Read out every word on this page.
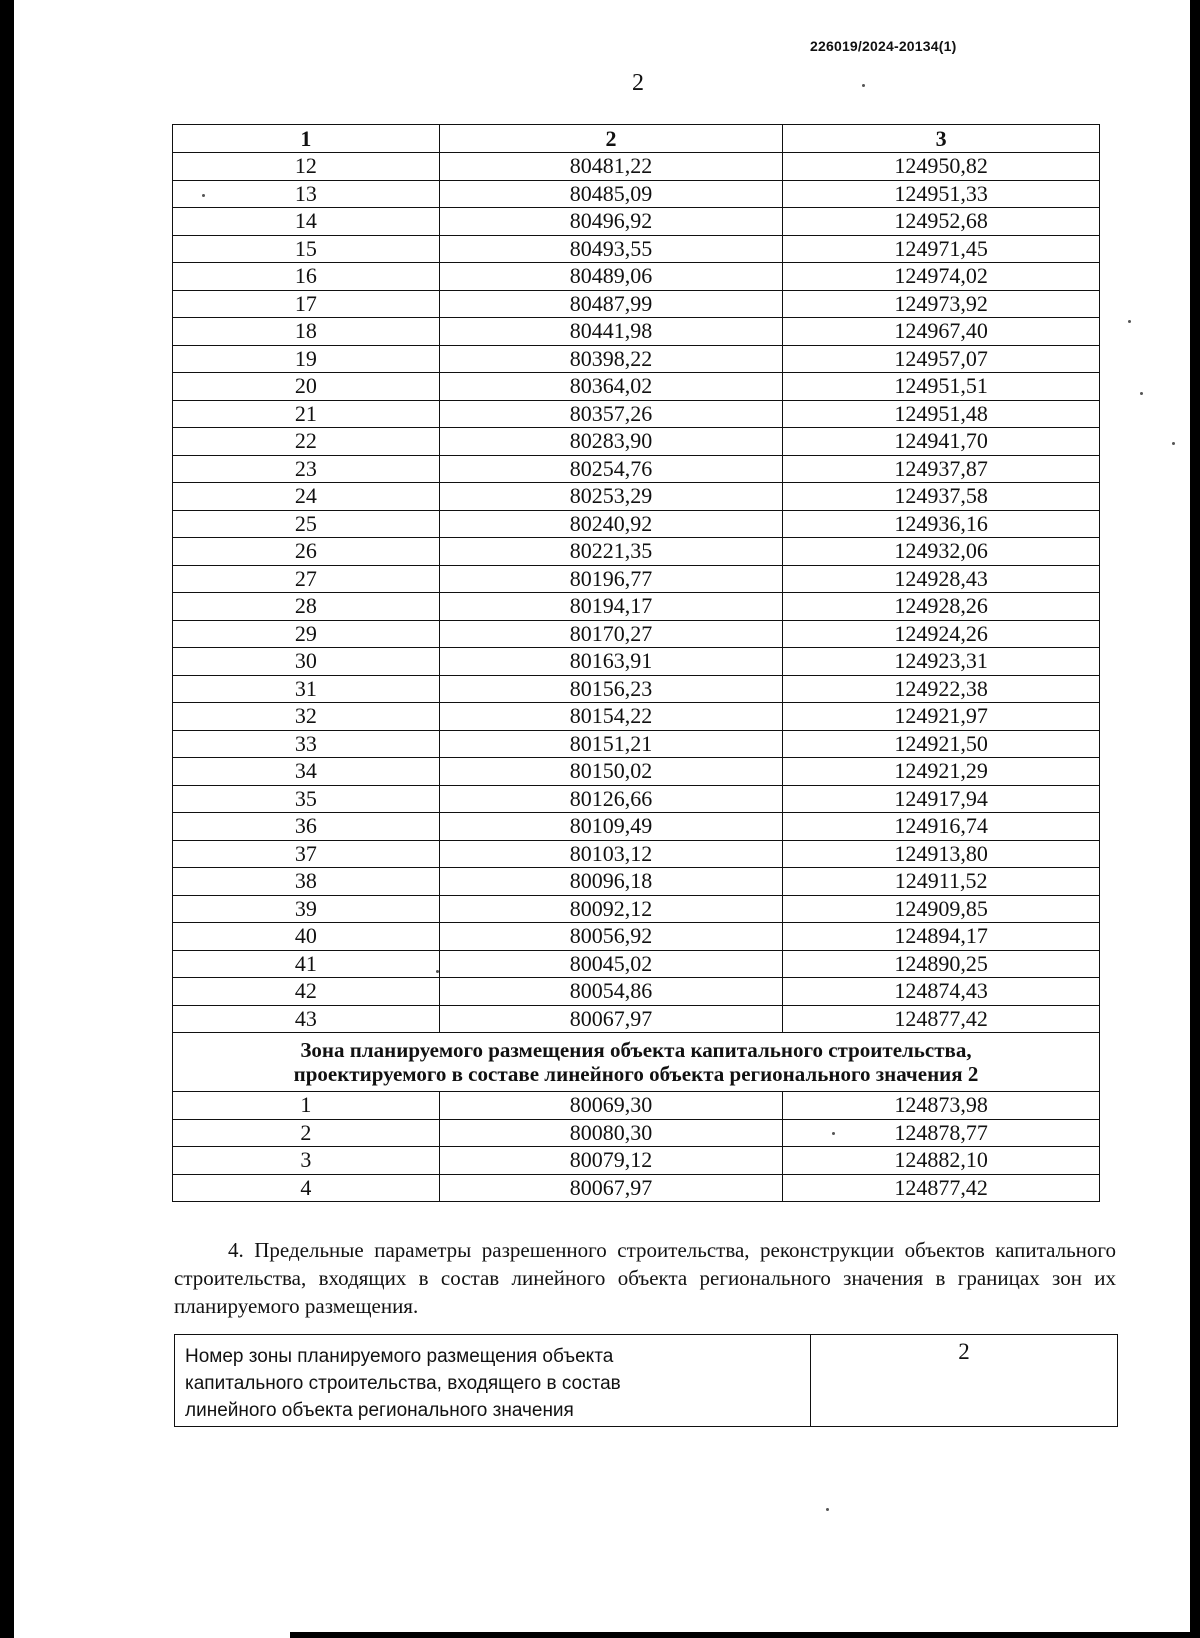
226019/2024-20134(1)
2
1	2	3
12	80481,22	124950,82
13	80485,09	124951,33
14	80496,92	124952,68
15	80493,55	124971,45
16	80489,06	124974,02
17	80487,99	124973,92
18	80441,98	124967,40
19	80398,22	124957,07
20	80364,02	124951,51
21	80357,26	124951,48
22	80283,90	124941,70
23	80254,76	124937,87
24	80253,29	124937,58
25	80240,92	124936,16
26	80221,35	124932,06
27	80196,77	124928,43
28	80194,17	124928,26
29	80170,27	124924,26
30	80163,91	124923,31
31	80156,23	124922,38
32	80154,22	124921,97
33	80151,21	124921,50
34	80150,02	124921,29
35	80126,66	124917,94
36	80109,49	124916,74
37	80103,12	124913,80
38	80096,18	124911,52
39	80092,12	124909,85
40	80056,92	124894,17
41	80045,02	124890,25
42	80054,86	124874,43
43	80067,97	124877,42

Зона планируемого размещения объекта капитального строительства,
проектируемого в составе линейного объекта регионального значения 2		

1	80069,30	124873,98
2	80080,30	124878,77
3	80079,12	124882,10
4	80067,97	124877,42

4. Предельные параметры разрешенного строительства, реконструкции объектов капитального строительства, входящих в состав линейного объекта регионального значения в границах зон их планируемого размещения.

Номер зоны планируемого размещения объекта
капитального строительства, входящего в состав
линейного объекта регионального значения
	2
